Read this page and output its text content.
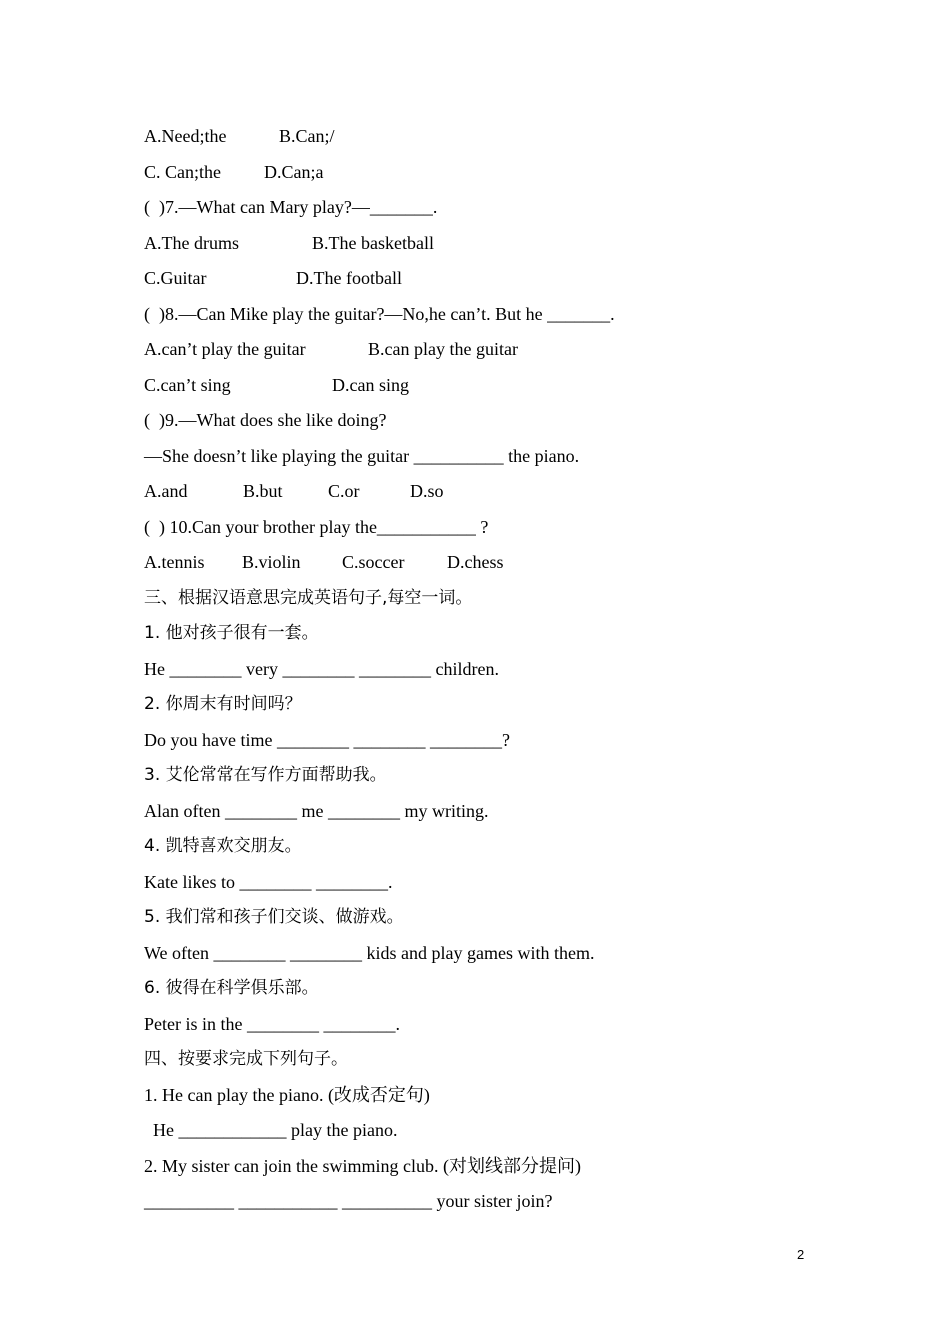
A.Need;the	B.Can;/
C. Can;the D.Can;a
(  )7.—What can Mary play?—_______.
A.The drums	B.The basketball
C.Guitar	D.The football
(  )8.—Can Mike play the guitar?—No,he can’t. But he _______.
A.can’t play the guitar	B.can play the guitar
C.can’t sing	D.can sing
(  )9.—What does she like doing?
—She doesn’t like playing the guitar __________ the piano.
A.and	B.but	C.or	D.so
(  ) 10.Can your brother play the___________ ?
A.tennis B.violin C.soccer D.chess
三、根据汉语意思完成英语句子,每空一词。
1. 他对孩子很有一套。
He ________ very ________ ________ children.
2. 你周末有时间吗？
Do you have time ________ ________ ________?
3. 艾伦常常在写作方面帮助我。
Alan often ________ me ________ my writing.
4. 凯特喜欢交朋友。
Kate likes to ________ ________.
5. 我们常和孩子们交谈、做游戏。
We often ________ ________ kids and play games with them.
6. 彼得在科学俱乐部。
Peter is in the ________ ________.
四、按要求完成下列句子。
1. He can play the piano. (改成否定句)
He ____________ play the piano.
2. My sister can join the swimming club. (对划线部分提问)
__________ ___________ __________ your sister join?
2
